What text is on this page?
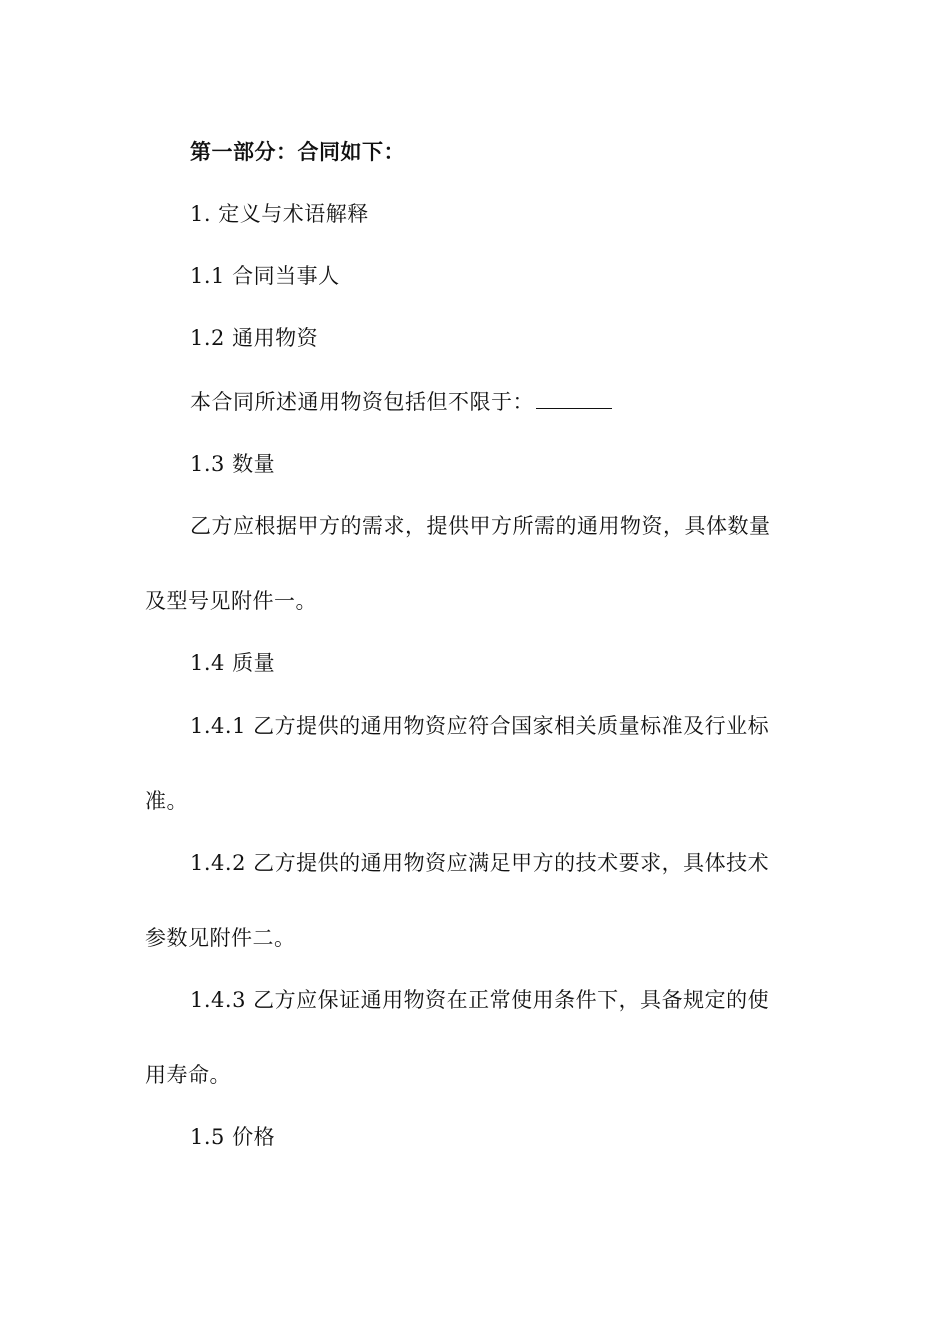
第一部分：合同如下：
1. 定义与术语解释
1.1 合同当事人
1.2 通用物资
本合同所述通用物资包括但不限于：
1.3 数量
乙方应根据甲方的需求，提供甲方所需的通用物资，具体数量
及型号见附件一。
1.4 质量
1.4.1 乙方提供的通用物资应符合国家相关质量标准及行业标
准。
1.4.2 乙方提供的通用物资应满足甲方的技术要求，具体技术
参数见附件二。
1.4.3 乙方应保证通用物资在正常使用条件下，具备规定的使
用寿命。
1.5 价格
